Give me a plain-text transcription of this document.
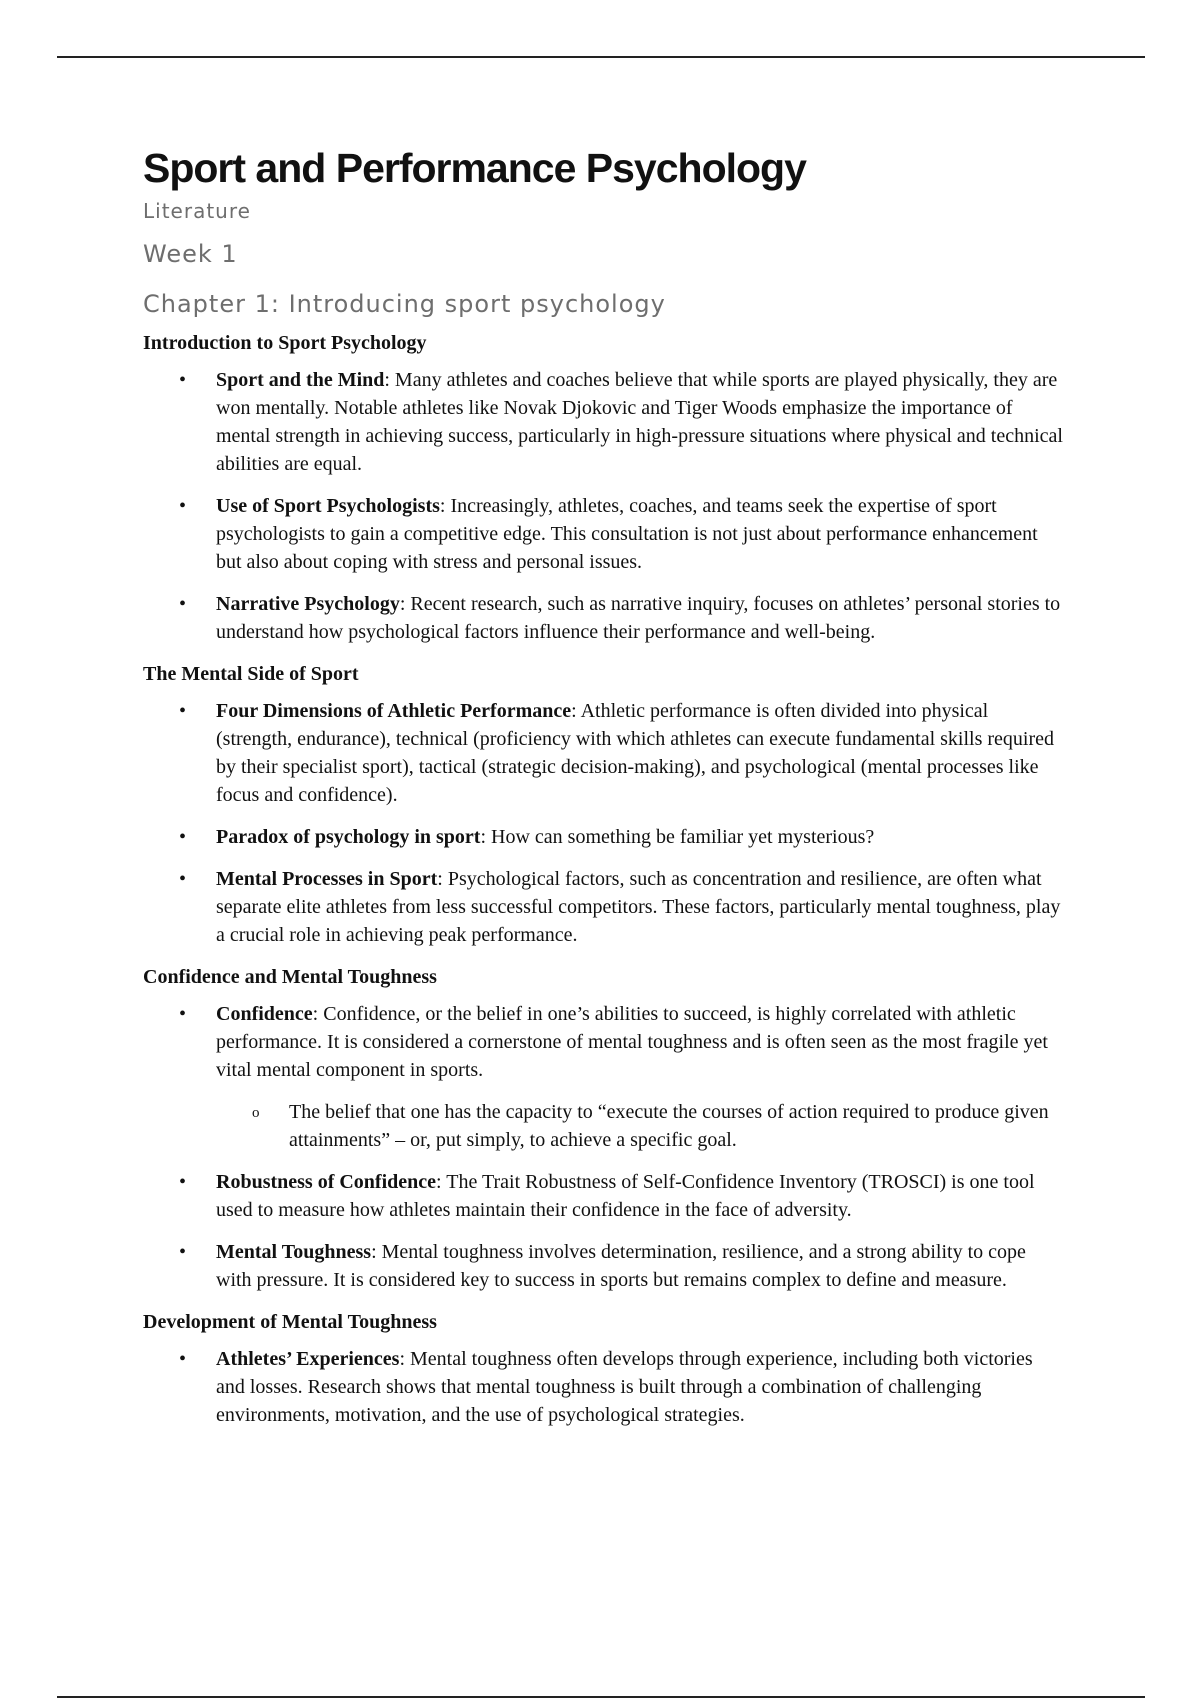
Sport and Performance Psychology
Literature
Week 1
Chapter 1: Introducing sport psychology
Introduction to Sport Psychology
• Sport and the Mind: Many athletes and coaches believe that while sports are played physically, they are won mentally. Notable athletes like Novak Djokovic and Tiger Woods emphasize the importance of mental strength in achieving success, particularly in high-pressure situations where physical and technical abilities are equal.
• Use of Sport Psychologists: Increasingly, athletes, coaches, and teams seek the expertise of sport psychologists to gain a competitive edge. This consultation is not just about performance enhancement but also about coping with stress and personal issues.
• Narrative Psychology: Recent research, such as narrative inquiry, focuses on athletes’ personal stories to understand how psychological factors influence their performance and well-being.
The Mental Side of Sport
• Four Dimensions of Athletic Performance: Athletic performance is often divided into physical (strength, endurance), technical (proficiency with which athletes can execute fundamental skills required by their specialist sport), tactical (strategic decision-making), and psychological (mental processes like focus and confidence).
• Paradox of psychology in sport: How can something be familiar yet mysterious?
• Mental Processes in Sport: Psychological factors, such as concentration and resilience, are often what separate elite athletes from less successful competitors. These factors, particularly mental toughness, play a crucial role in achieving peak performance.
Confidence and Mental Toughness
• Confidence: Confidence, or the belief in one’s abilities to succeed, is highly correlated with athletic performance. It is considered a cornerstone of mental toughness and is often seen as the most fragile yet vital mental component in sports.
o The belief that one has the capacity to “execute the courses of action required to produce given attainments” – or, put simply, to achieve a specific goal.
• Robustness of Confidence: The Trait Robustness of Self-Confidence Inventory (TROSCI) is one tool used to measure how athletes maintain their confidence in the face of adversity.
• Mental Toughness: Mental toughness involves determination, resilience, and a strong ability to cope with pressure. It is considered key to success in sports but remains complex to define and measure.
Development of Mental Toughness
• Athletes’ Experiences: Mental toughness often develops through experience, including both victories and losses. Research shows that mental toughness is built through a combination of challenging environments, motivation, and the use of psychological strategies.
